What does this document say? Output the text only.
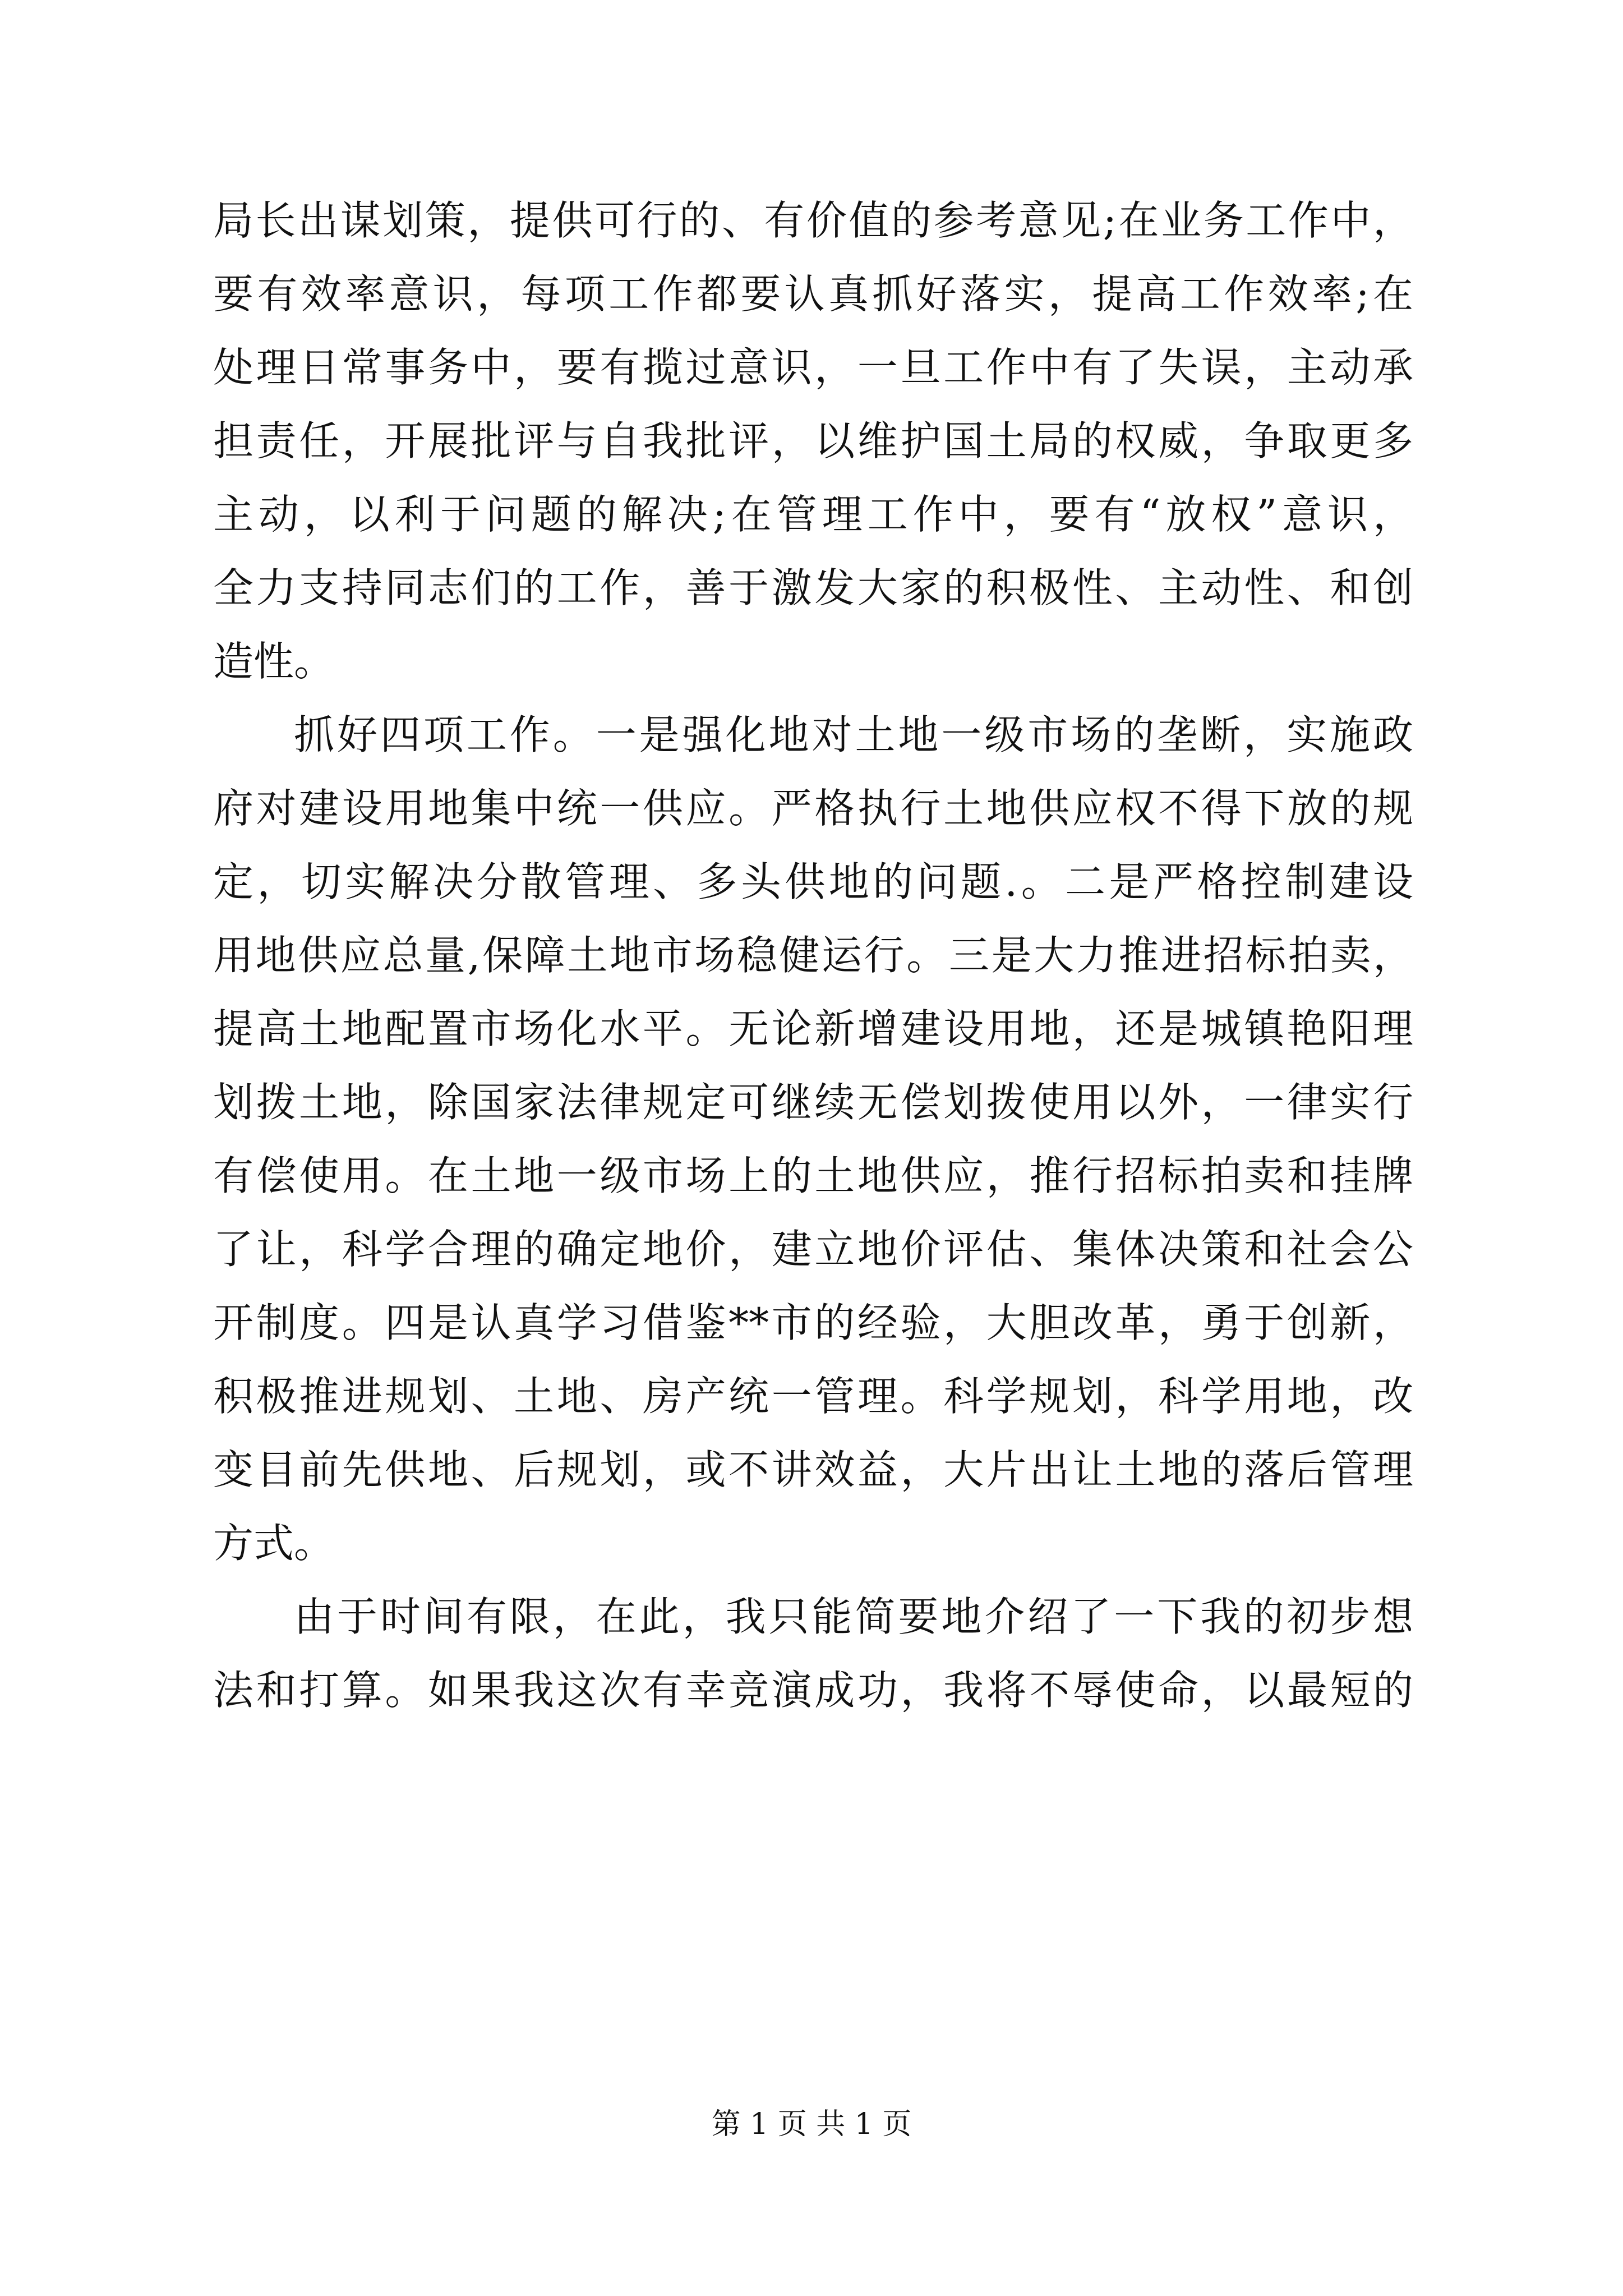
局长出谋划策，提供可行的、有价值的参考意见;在业务工作中，
要有效率意识，每项工作都要认真抓好落实，提高工作效率;在
处理日常事务中，要有揽过意识，一旦工作中有了失误，主动承
担责任，开展批评与自我批评，以维护国土局的权威，争取更多
主动，以利于问题的解决;在管理工作中，要有“放权”意识，
全力支持同志们的工作，善于激发大家的积极性、主动性、和创
造性。
抓好四项工作。一是强化地对土地一级市场的垄断，实施政
府对建设用地集中统一供应。严格执行土地供应权不得下放的规
定，切实解决分散管理、多头供地的问题.。二是严格控制建设
用地供应总量,保障土地市场稳健运行。三是大力推进招标拍卖，
提高土地配置市场化水平。无论新增建设用地，还是城镇艳阳理
划拨土地，除国家法律规定可继续无偿划拨使用以外，一律实行
有偿使用。在土地一级市场上的土地供应，推行招标拍卖和挂牌
了让，科学合理的确定地价，建立地价评估、集体决策和社会公
开制度。四是认真学习借鉴**市的经验，大胆改革，勇于创新，
积极推进规划、土地、房产统一管理。科学规划，科学用地，改
变目前先供地、后规划，或不讲效益，大片出让土地的落后管理
方式。
由于时间有限，在此，我只能简要地介绍了一下我的初步想
法和打算。如果我这次有幸竞演成功，我将不辱使命，以最短的
第 1 页 共 1 页
